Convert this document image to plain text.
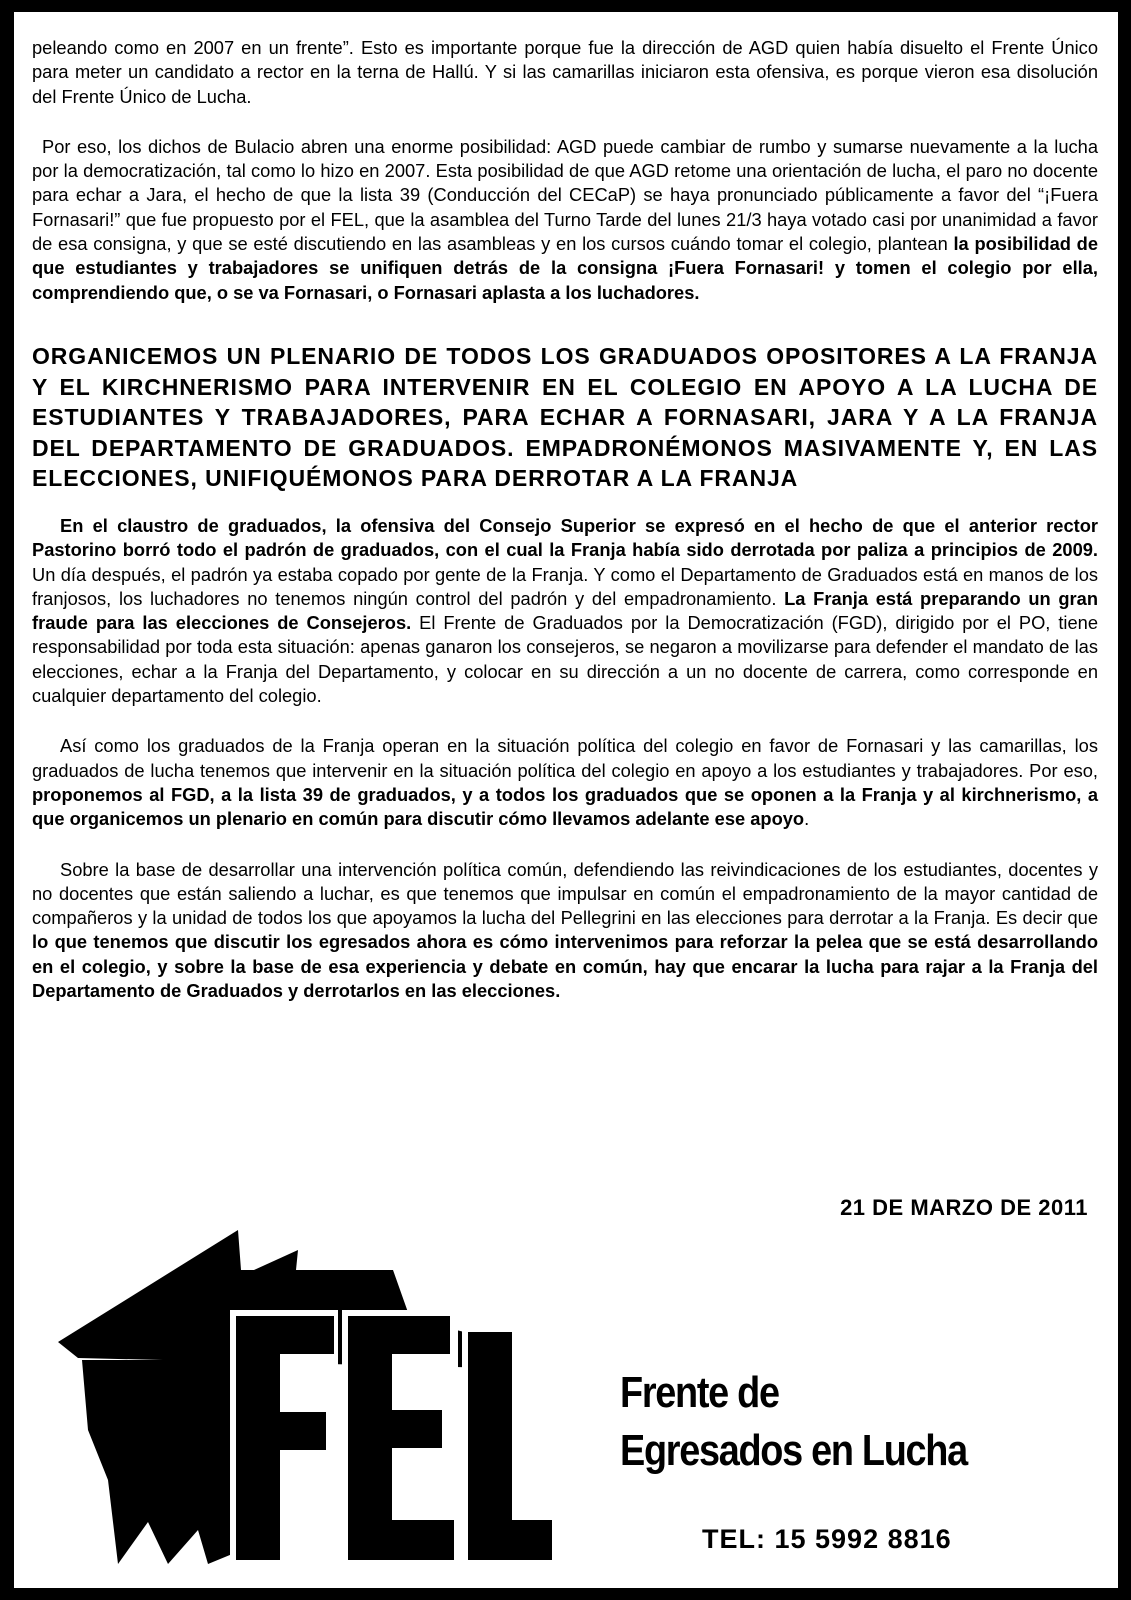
peleando como en 2007 en un frente”. Esto es importante porque fue la dirección de AGD quien había disuelto el Frente Único para meter un candidato a rector en la terna de Hallú. Y si las camarillas iniciaron esta ofensiva, es porque vieron esa disolución del Frente Único de Lucha.

Por eso, los dichos de Bulacio abren una enorme posibilidad: AGD puede cambiar de rumbo y sumarse nuevamente a la lucha por la democratización, tal como lo hizo en 2007. Esta posibilidad de que AGD retome una orientación de lucha, el paro no docente para echar a Jara, el hecho de que la lista 39 (Conducción del CECaP) se haya pronunciado públicamente a favor del “¡Fuera Fornasari!” que fue propuesto por el FEL, que la asamblea del Turno Tarde del lunes 21/3 haya votado casi por unanimidad a favor de esa consigna, y que se esté discutiendo en las asambleas y en los cursos cuándo tomar el colegio, plantean la posibilidad de que estudiantes y trabajadores se unifiquen detrás de la consigna ¡Fuera Fornasari! y tomen el colegio por ella, comprendiendo que, o se va Fornasari, o Fornasari aplasta a los luchadores.

ORGANICEMOS UN PLENARIO DE TODOS LOS GRADUADOS OPOSITORES A LA FRANJA Y EL KIRCHNERISMO PARA INTERVENIR EN EL COLEGIO EN APOYO A LA LUCHA DE ESTUDIANTES Y TRABAJADORES, PARA ECHAR A FORNASARI, JARA Y A LA FRANJA DEL DEPARTAMENTO DE GRADUADOS. EMPADRONÉMONOS MASIVAMENTE Y, EN LAS ELECCIONES, UNIFIQUÉMONOS PARA DERROTAR A LA FRANJA

En el claustro de graduados, la ofensiva del Consejo Superior se expresó en el hecho de que el anterior rector Pastorino borró todo el padrón de graduados, con el cual la Franja había sido derrotada por paliza a principios de 2009. Un día después, el padrón ya estaba copado por gente de la Franja. Y como el Departamento de Graduados está en manos de los franjosos, los luchadores no tenemos ningún control del padrón y del empadronamiento. La Franja está preparando un gran fraude para las elecciones de Consejeros. El Frente de Graduados por la Democratización (FGD), dirigido por el PO, tiene responsabilidad por toda esta situación: apenas ganaron los consejeros, se negaron a movilizarse para defender el mandato de las elecciones, echar a la Franja del Departamento, y colocar en su dirección a un no docente de carrera, como corresponde en cualquier departamento del colegio.

Así como los graduados de la Franja operan en la situación política del colegio en favor de Fornasari y las camarillas, los graduados de lucha tenemos que intervenir en la situación política del colegio en apoyo a los estudiantes y trabajadores. Por eso, proponemos al FGD, a la lista 39 de graduados, y a todos los graduados que se oponen a la Franja y al kirchnerismo, a que organicemos un plenario en común para discutir cómo llevamos adelante ese apoyo.

Sobre la base de desarrollar una intervención política común, defendiendo las reivindicaciones de los estudiantes, docentes y no docentes que están saliendo a luchar, es que tenemos que impulsar en común el empadronamiento de la mayor cantidad de compañeros y la unidad de todos los que apoyamos la lucha del Pellegrini en las elecciones para derrotar a la Franja. Es decir que lo que tenemos que discutir los egresados ahora es cómo intervenimos para reforzar la pelea que se está desarrollando en el colegio, y sobre la base de esa experiencia y debate en común, hay que encarar la lucha para rajar a la Franja del Departamento de Graduados y derrotarlos en las elecciones.

21 DE MARZO DE 2011
Frente de
Egresados en Lucha
TEL: 15 5992 8816
